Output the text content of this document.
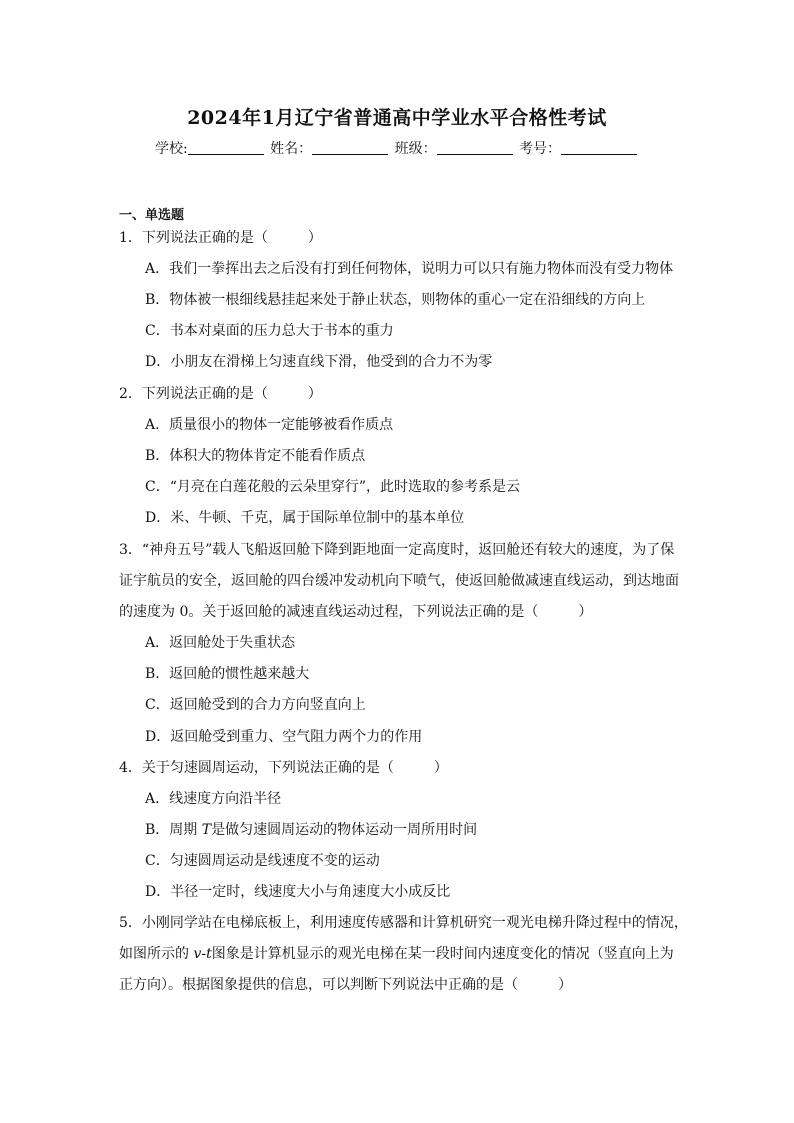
2024年1月辽宁省普通高中学业水平合格性考试
学校:	姓名：	班级：	考号：
一、单选题
1．下列说法正确的是（	）
A．我们一拳挥出去之后没有打到任何物体，说明力可以只有施力物体而没有受力物体
B．物体被一根细线悬挂起来处于静止状态，则物体的重心一定在沿细线的方向上
C．书本对桌面的压力总大于书本的重力
D．小朋友在滑梯上匀速直线下滑，他受到的合力不为零
2．下列说法正确的是（	）
A．质量很小的物体一定能够被看作质点
B．体积大的物体肯定不能看作质点
C．“月亮在白莲花般的云朵里穿行”，此时选取的参考系是云
D．米、牛顿、千克，属于国际单位制中的基本单位
3．“神舟五号”载人飞船返回舱下降到距地面一定高度时，返回舱还有较大的速度，为了保
证宇航员的安全，返回舱的四台缓冲发动机向下喷气，使返回舱做减速直线运动，到达地面
的速度为 0。关于返回舱的减速直线运动过程，下列说法正确的是（	）
A．返回舱处于失重状态
B．返回舱的惯性越来越大
C．返回舱受到的合力方向竖直向上
D．返回舱受到重力、空气阻力两个力的作用
4．关于匀速圆周运动，下列说法正确的是（	）
A．线速度方向沿半径
B．周期 T是做匀速圆周运动的物体运动一周所用时间
C．匀速圆周运动是线速度不变的运动
D．半径一定时，线速度大小与角速度大小成反比
5．小刚同学站在电梯底板上，利用速度传感器和计算机研究一观光电梯升降过程中的情况，
如图所示的 v-t图象是计算机显示的观光电梯在某一段时间内速度变化的情况（竖直向上为
正方向）。根据图象提供的信息，可以判断下列说法中正确的是（	）
